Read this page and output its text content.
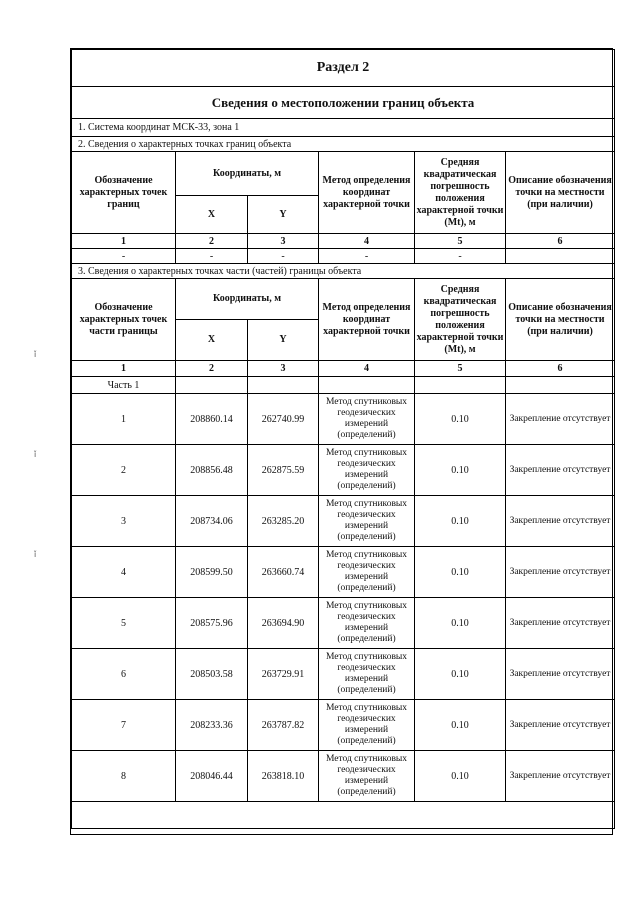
ǐ
ǐ
ǐ
Раздел 2					
Сведения о местоположении границ объекта					
1. Система координат МСК-33, зона 1					
2. Сведения о характерных точках границ объекта					
Обозначение характерных точек границ	Координаты, м		Метод определения координат характерной точки	Средняя квадратическая погрешность положения характерной точки (Mt), м	Описание обозначения точки на местности (при наличии)
	X	Y			
1	2	3	4	5	6
-	-	-	-	-	
3. Сведения о характерных точках части (частей) границы объекта					
Обозначение характерных точек части границы	Координаты, м		Метод определения координат характерной точки	Средняя квадратическая погрешность положения характерной точки (Mt), м	Описание обозначения точки на местности (при наличии)
	X	Y			
1	2	3	4	5	6
Часть 1					
1	208860.14	262740.99	Метод спутниковых геодезических измерений (определений)	0.10	Закрепление отсутствует
2	208856.48	262875.59	Метод спутниковых геодезических измерений (определений)	0.10	Закрепление отсутствует
3	208734.06	263285.20	Метод спутниковых геодезических измерений (определений)	0.10	Закрепление отсутствует
4	208599.50	263660.74	Метод спутниковых геодезических измерений (определений)	0.10	Закрепление отсутствует
5	208575.96	263694.90	Метод спутниковых геодезических измерений (определений)	0.10	Закрепление отсутствует
6	208503.58	263729.91	Метод спутниковых геодезических измерений (определений)	0.10	Закрепление отсутствует
7	208233.36	263787.82	Метод спутниковых геодезических измерений (определений)	0.10	Закрепление отсутствует
8	208046.44	263818.10	Метод спутниковых геодезических измерений (определений)	0.10	Закрепление отсутствует
